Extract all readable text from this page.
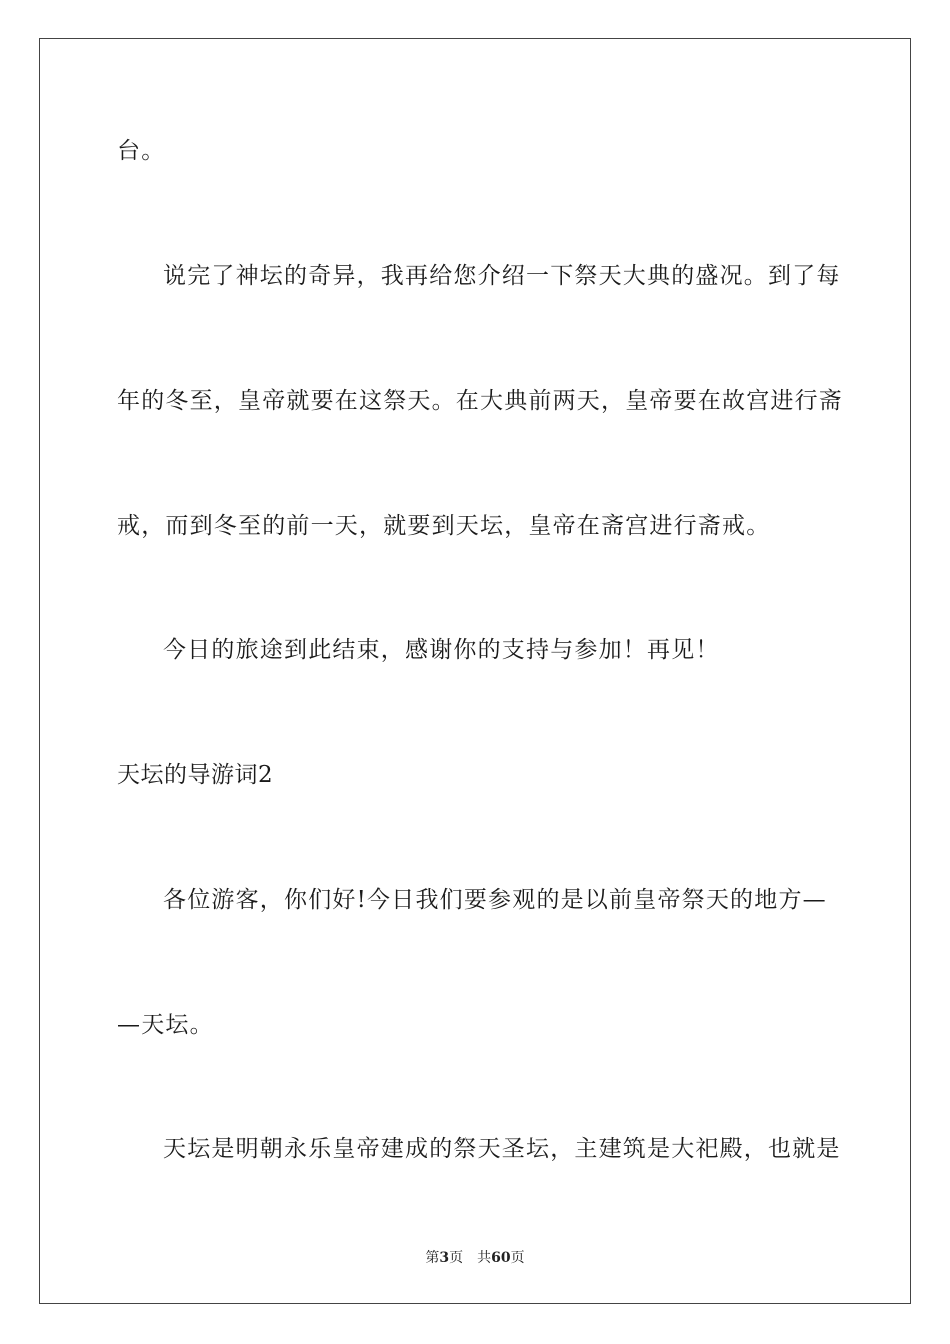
台。
说完了神坛的奇异，我再给您介绍一下祭天大典的盛况。到了每
年的冬至，皇帝就要在这祭天。在大典前两天，皇帝要在故宫进行斋
戒，而到冬至的前一天，就要到天坛，皇帝在斋宫进行斋戒。
今日的旅途到此结束，感谢你的支持与参加！再见！
天坛的导游词2
各位游客，你们好!今日我们要参观的是以前皇帝祭天的地方—
—天坛。
天坛是明朝永乐皇帝建成的祭天圣坛，主建筑是大祀殿，也就是
第3页 共60页
